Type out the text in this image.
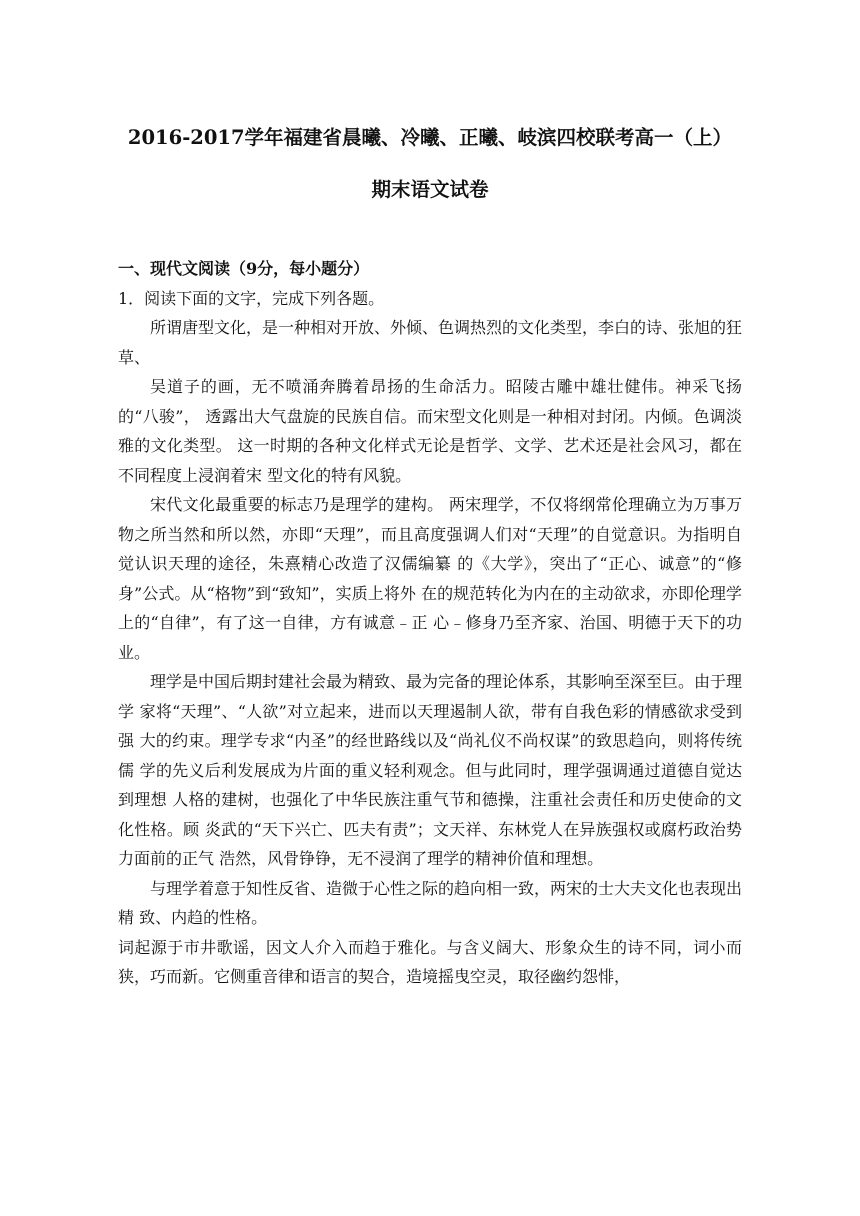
2016-2017学年福建省晨曦、冷曦、正曦、岐滨四校联考高一（上）
期末语文试卷
一、现代文阅读（9分，每小题分）

1．阅读下面的文字，完成下列各题。

所谓唐型文化，是一种相对开放、外倾、色调热烈的文化类型，李白的诗、张旭的狂草、

吴道子的画，无不喷涌奔腾着昂扬的生命活力。昭陵古雕中雄壮健伟。神采飞扬的“八骏”， 透露出大气盘旋的民族自信。而宋型文化则是一种相对封闭。内倾。色调淡雅的文化类型。 这一时期的各种文化样式无论是哲学、文学、艺术还是社会风习，都在不同程度上浸润着宋 型文化的特有风貌。

宋代文化最重要的标志乃是理学的建构。 两宋理学，不仅将纲常伦理确立为万事万物之所当然和所以然，亦即“天理”，而且高度强调人们对“天理”的自觉意识。为指明自觉认识天理的途径，朱熹精心改造了汉儒编纂 的《大学》，突出了“正心、诚意”的“修身”公式。从“格物”到“致知”，实质上将外 在的规范转化为内在的主动欲求，亦即伦理学上的“自律”，有了这一自律，方有诚意﹣正 心﹣修身乃至齐家、治国、明德于天下的功业。

理学是中国后期封建社会最为精致、最为完备的理论体系，其影响至深至巨。由于理学 家将“天理”、“人欲”对立起来，进而以天理遏制人欲，带有自我色彩的情感欲求受到强 大的约束。理学专求“内圣”的经世路线以及“尚礼仪不尚权谋”的致思趋向，则将传统儒 学的先义后利发展成为片面的重义轻利观念。但与此同时，理学强调通过道德自觉达到理想 人格的建树，也强化了中华民族注重气节和德操，注重社会责任和历史使命的文化性格。顾 炎武的“天下兴亡、匹夫有责”；文天祥、东林党人在异族强权或腐朽政治势力面前的正气 浩然，风骨铮铮，无不浸润了理学的精神价值和理想。

与理学着意于知性反省、造微于心性之际的趋向相一致，两宋的士大夫文化也表现出精 致、内趋的性格。

词起源于市井歌谣，因文人介入而趋于雅化。与含义阔大、形象众生的诗不同，词小而 狭，巧而新。它侧重音律和语言的契合，造境摇曳空灵，取径幽约怨悱，
